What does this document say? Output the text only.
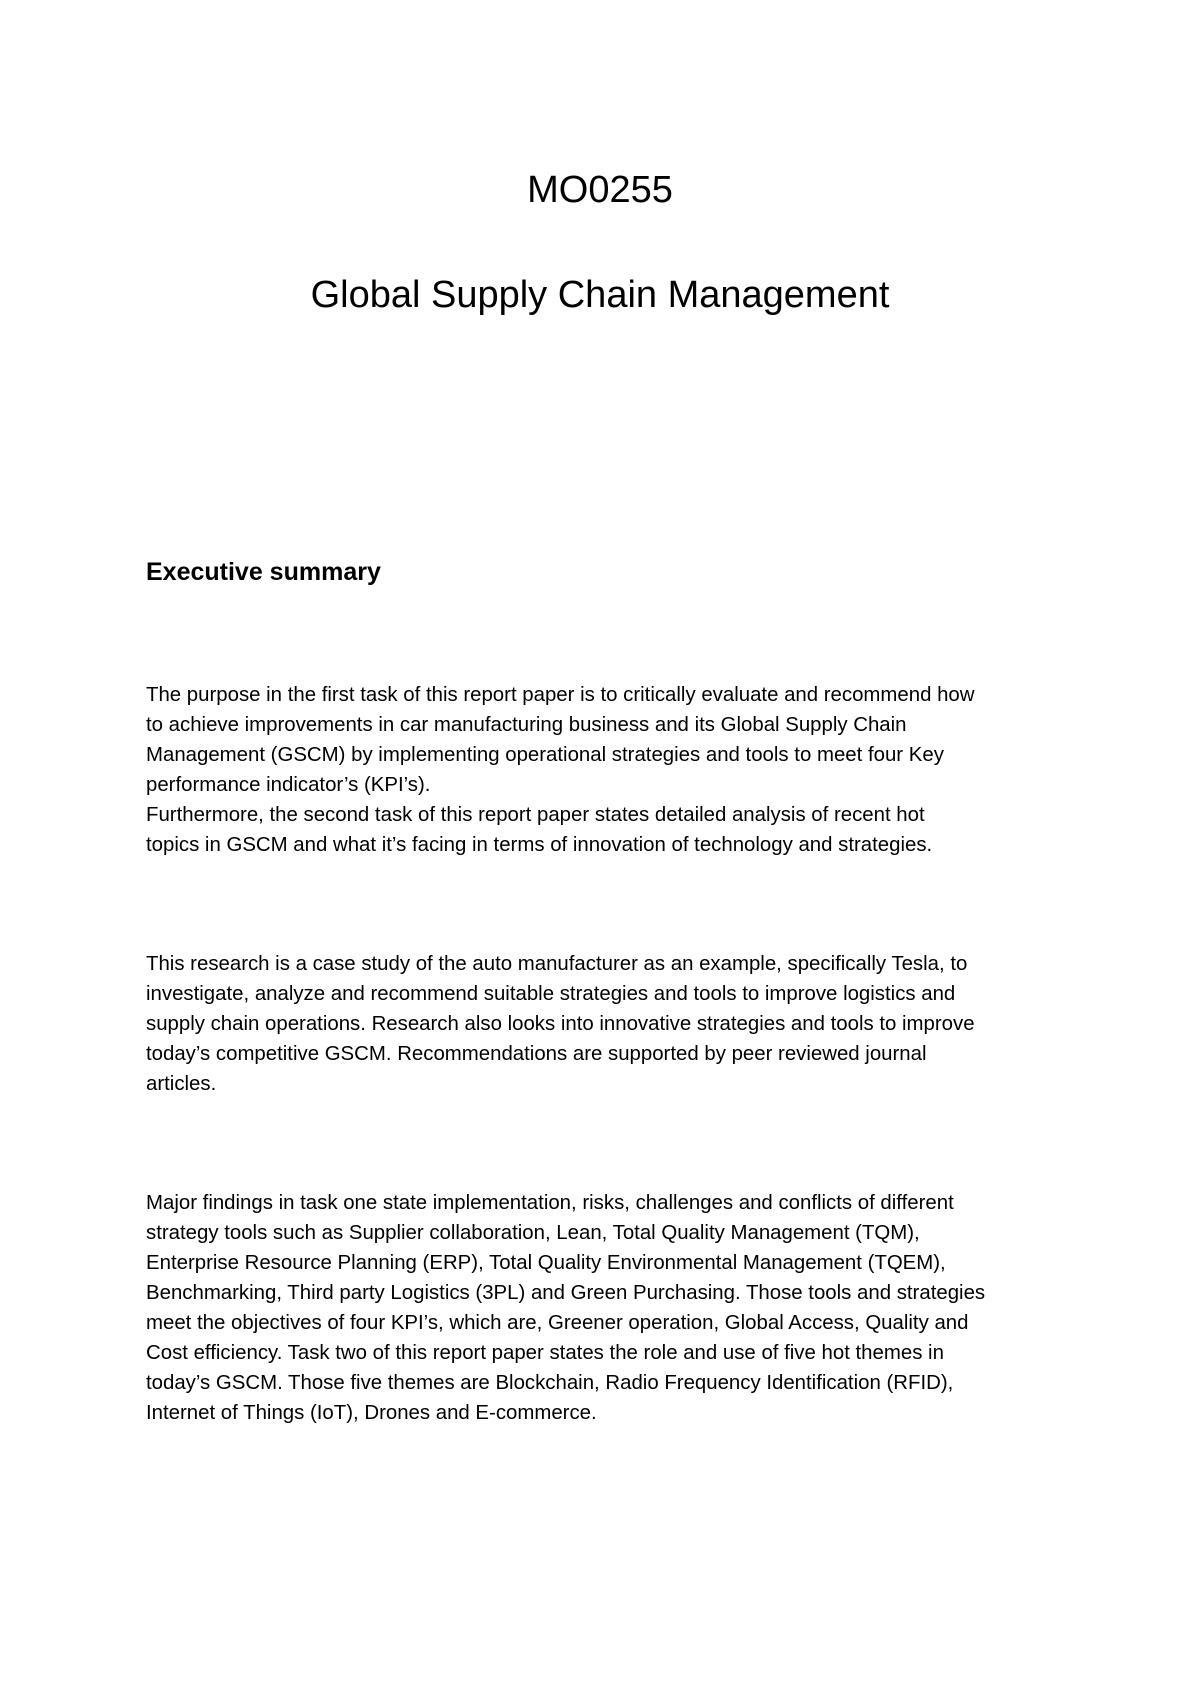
MO0255
Global Supply Chain Management
Executive summary

The purpose in the first task of this report paper is to critically evaluate and recommend how
to achieve improvements in car manufacturing business and its Global Supply Chain
Management (GSCM) by implementing operational strategies and tools to meet four Key
performance indicator’s (KPI’s).
Furthermore, the second task of this report paper states detailed analysis of recent hot
topics in GSCM and what it’s facing in terms of innovation of technology and strategies.

This research is a case study of the auto manufacturer as an example, specifically Tesla, to
investigate, analyze and recommend suitable strategies and tools to improve logistics and
supply chain operations. Research also looks into innovative strategies and tools to improve
today’s competitive GSCM. Recommendations are supported by peer reviewed journal
articles.

Major findings in task one state implementation, risks, challenges and conflicts of different
strategy tools such as Supplier collaboration, Lean, Total Quality Management (TQM),
Enterprise Resource Planning (ERP), Total Quality Environmental Management (TQEM),
Benchmarking, Third party Logistics (3PL) and Green Purchasing. Those tools and strategies
meet the objectives of four KPI’s, which are, Greener operation, Global Access, Quality and
Cost efficiency. Task two of this report paper states the role and use of five hot themes in
today’s GSCM. Those five themes are Blockchain, Radio Frequency Identification (RFID),
Internet of Things (IoT), Drones and E-commerce.
